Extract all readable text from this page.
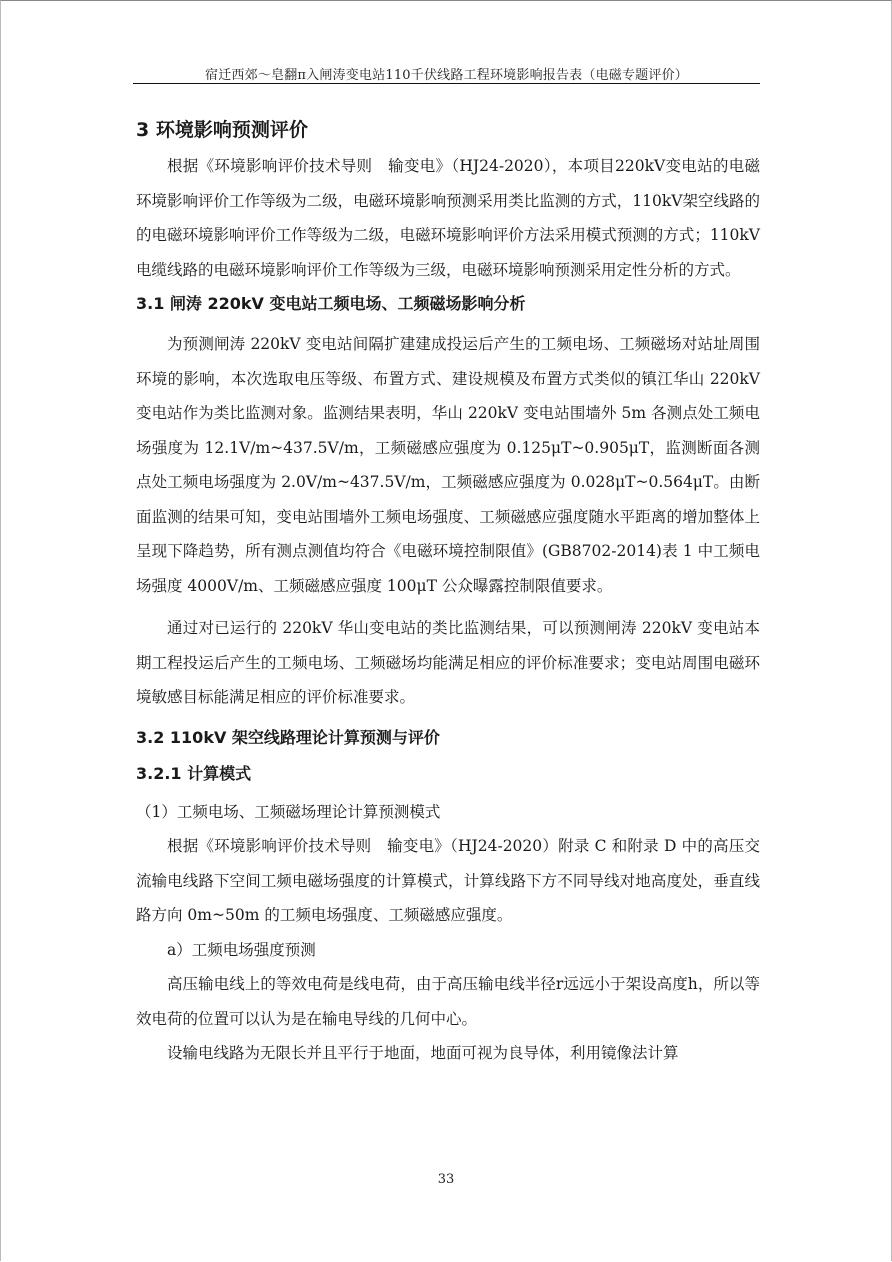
宿迁西郊～皂翻π入闸涛变电站110千伏线路工程环境影响报告表（电磁专题评价）
3 环境影响预测评价

根据《环境影响评价技术导则　输变电》（HJ24-2020），本项目220kV变电站的电磁环境影响评价工作等级为二级，电磁环境影响预测采用类比监测的方式，110kV架空线路的的电磁环境影响评价工作等级为二级，电磁环境影响评价方法采用模式预测的方式；110kV电缆线路的电磁环境影响评价工作等级为三级，电磁环境影响预测采用定性分析的方式。

3.1 闸涛 220kV 变电站工频电场、工频磁场影响分析

为预测闸涛 220kV 变电站间隔扩建建成投运后产生的工频电场、工频磁场对站址周围环境的影响，本次选取电压等级、布置方式、建设规模及布置方式类似的镇江华山 220kV 变电站作为类比监测对象。监测结果表明，华山 220kV 变电站围墙外 5m 各测点处工频电场强度为 12.1V/m~437.5V/m，工频磁感应强度为 0.125μT~0.905μT，监测断面各测点处工频电场强度为 2.0V/m~437.5V/m，工频磁感应强度为 0.028μT~0.564μT。由断面监测的结果可知，变电站围墙外工频电场强度、工频磁感应强度随水平距离的增加整体上呈现下降趋势，所有测点测值均符合《电磁环境控制限值》(GB8702-2014)表 1 中工频电场强度 4000V/m、工频磁感应强度 100μT 公众曝露控制限值要求。

通过对已运行的 220kV 华山变电站的类比监测结果，可以预测闸涛 220kV 变电站本期工程投运后产生的工频电场、工频磁场均能满足相应的评价标准要求；变电站周围电磁环境敏感目标能满足相应的评价标准要求。

3.2 110kV 架空线路理论计算预测与评价
3.2.1 计算模式

（1）工频电场、工频磁场理论计算预测模式

根据《环境影响评价技术导则　输变电》（HJ24-2020）附录 C 和附录 D 中的高压交流输电线路下空间工频电磁场强度的计算模式，计算线路下方不同导线对地高度处，垂直线路方向 0m~50m 的工频电场强度、工频磁感应强度。

a）工频电场强度预测

高压输电线上的等效电荷是线电荷，由于高压输电线半径r远远小于架设高度h，所以等效电荷的位置可以认为是在输电导线的几何中心。

设输电线路为无限长并且平行于地面，地面可视为良导体，利用镜像法计算

33
